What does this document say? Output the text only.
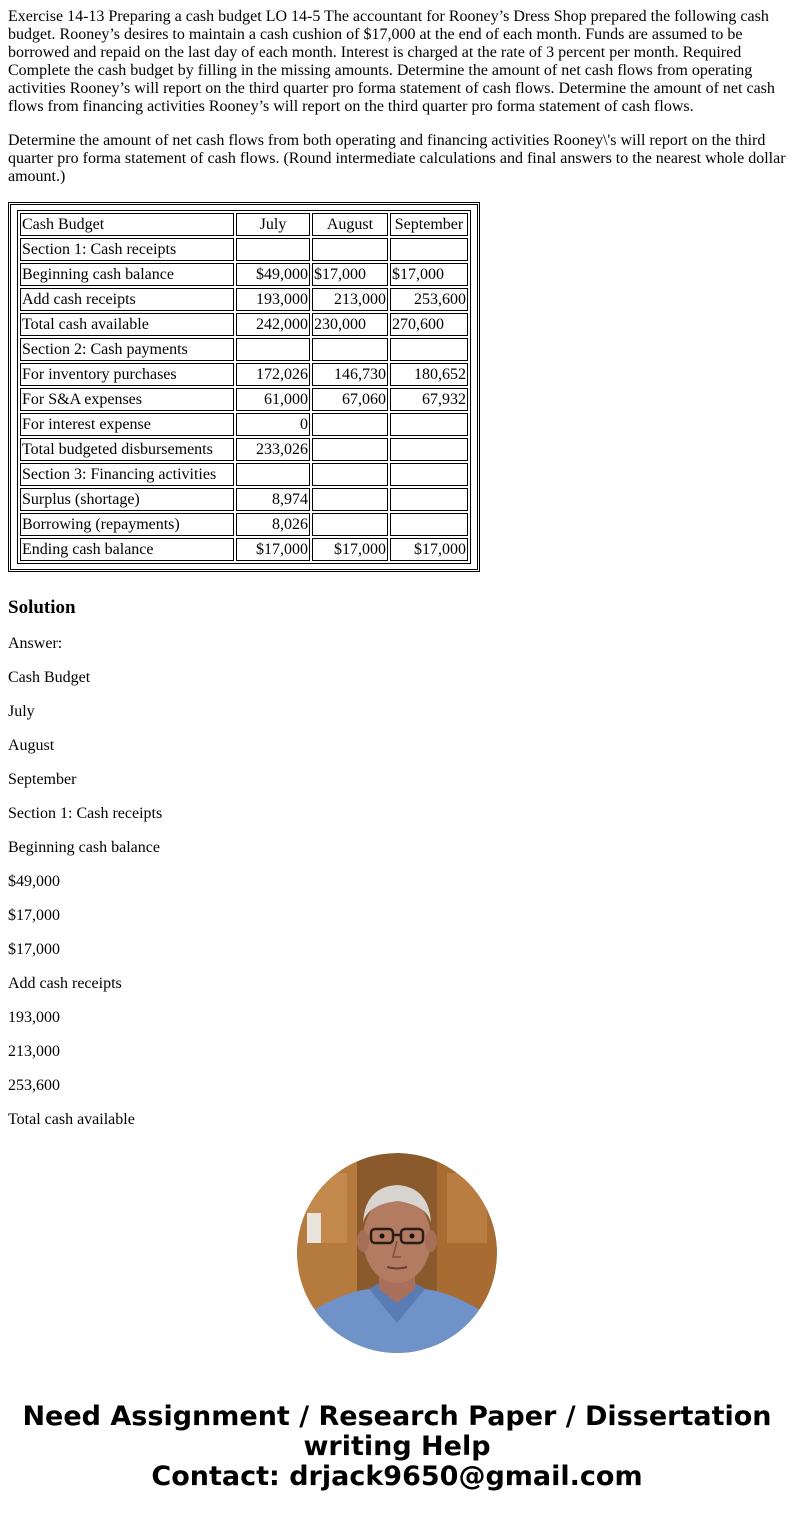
Exercise 14-13 Preparing a cash budget LO 14-5 The accountant for Rooney’s Dress Shop prepared the following cash budget. Rooney’s desires to maintain a cash cushion of $17,000 at the end of each month. Funds are assumed to be borrowed and repaid on the last day of each month. Interest is charged at the rate of 3 percent per month. Required Complete the cash budget by filling in the missing amounts. Determine the amount of net cash flows from operating activities Rooney’s will report on the third quarter pro forma statement of cash flows. Determine the amount of net cash flows from financing activities Rooney’s will report on the third quarter pro forma statement of cash flows.

Determine the amount of net cash flows from both operating and financing activities Rooney\'s will report on the third quarter pro forma statement of cash flows. (Round intermediate calculations and final answers to the nearest whole dollar amount.)

Cash Budget	July	August	September
Section 1: Cash receipts			
Beginning cash balance	$49,000	$17,000	$17,000
Add cash receipts	193,000	213,000	253,600
Total cash available	242,000	230,000	270,600
Section 2: Cash payments			
For inventory purchases	172,026	146,730	180,652
For S&A expenses	61,000	67,060	67,932
For interest expense	0		
Total budgeted disbursements	233,026		
Section 3: Financing activities			
Surplus (shortage)	8,974		
Borrowing (repayments)	8,026		
Ending cash balance	$17,000	$17,000	$17,000
Solution

Answer:

Cash Budget

July

August

September

Section 1: Cash receipts

Beginning cash balance

$49,000

$17,000

$17,000

Add cash receipts

193,000

213,000

253,600

Total cash available

Need Assignment / Research Paper / Dissertation
writing Help
Contact: drjack9650@gmail.com
